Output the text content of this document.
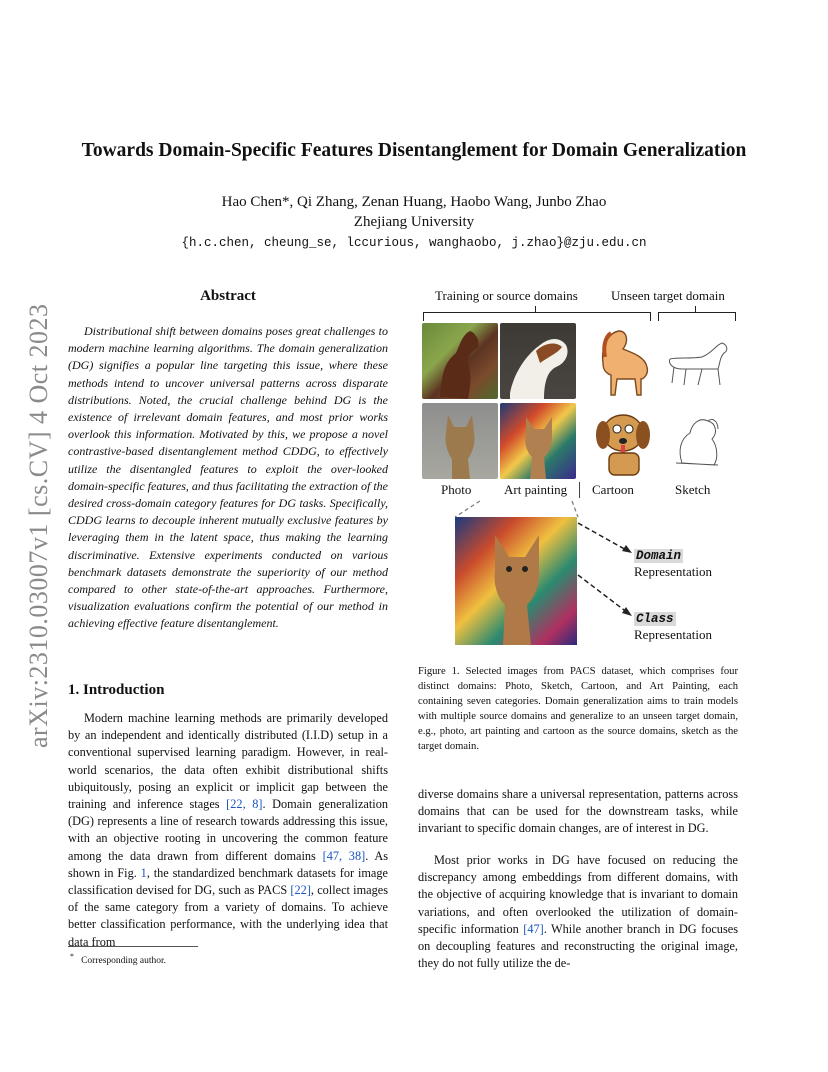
arXiv:2310.03007v1 [cs.CV] 4 Oct 2023
Towards Domain-Specific Features Disentanglement for Domain Generalization
Hao Chen*, Qi Zhang, Zenan Huang, Haobo Wang, Junbo Zhao
Zhejiang University
{h.c.chen, cheung_se, lccurious, wanghaobo, j.zhao}@zju.edu.cn
Abstract
Distributional shift between domains poses great challenges to modern machine learning algorithms. The domain generalization (DG) signifies a popular line targeting this issue, where these methods intend to uncover universal patterns across disparate distributions. Noted, the crucial challenge behind DG is the existence of irrelevant domain features, and most prior works overlook this information. Motivated by this, we propose a novel contrastive-based disentanglement method CDDG, to effectively utilize the disentangled features to exploit the over-looked domain-specific features, and thus facilitating the extraction of the desired cross-domain category features for DG tasks. Specifically, CDDG learns to decouple inherent mutually exclusive features by leveraging them in the latent space, thus making the learning discriminative. Extensive experiments conducted on various benchmark datasets demonstrate the superiority of our method compared to other state-of-the-art approaches. Furthermore, visualization evaluations confirm the potential of our method in achieving effective feature disentanglement.
1. Introduction
Modern machine learning methods are primarily developed by an independent and identically distributed (I.I.D) setup in a conventional supervised learning paradigm. However, in real-world scenarios, the data often exhibit distributional shifts ubiquitously, posing an explicit or implicit gap between the training and inference stages [22, 8]. Domain generalization (DG) represents a line of research towards addressing this issue, with an objective rooting in uncovering the common feature among the data drawn from different domains [47, 38]. As shown in Fig. 1, the standardized benchmark datasets for image classification devised for DG, such as PACS [22], collect images of the same category from a variety of domains. To achieve better classification performance, with the underlying idea that data from
* Corresponding author.
Training or source domains	Unseen target domain
Photo	Art painting Cartoon	Sketch
Domain
Representation
Class
Representation
Figure 1. Selected images from PACS dataset, which comprises four distinct domains: Photo, Sketch, Cartoon, and Art Painting, each containing seven categories. Domain generalization aims to train models with multiple source domains and generalize to an unseen target domain, e.g., photo, art painting and cartoon as the source domains, sketch as the target domain.
diverse domains share a universal representation, patterns across domains that can be used for the downstream tasks, while invariant to specific domain changes, are of interest in DG.
Most prior works in DG have focused on reducing the discrepancy among embeddings from different domains, with the objective of acquiring knowledge that is invariant to domain variations, and often overlooked the utilization of domain-specific information [47]. While another branch in DG focuses on decoupling features and reconstructing the original image, they do not fully utilize the de-
